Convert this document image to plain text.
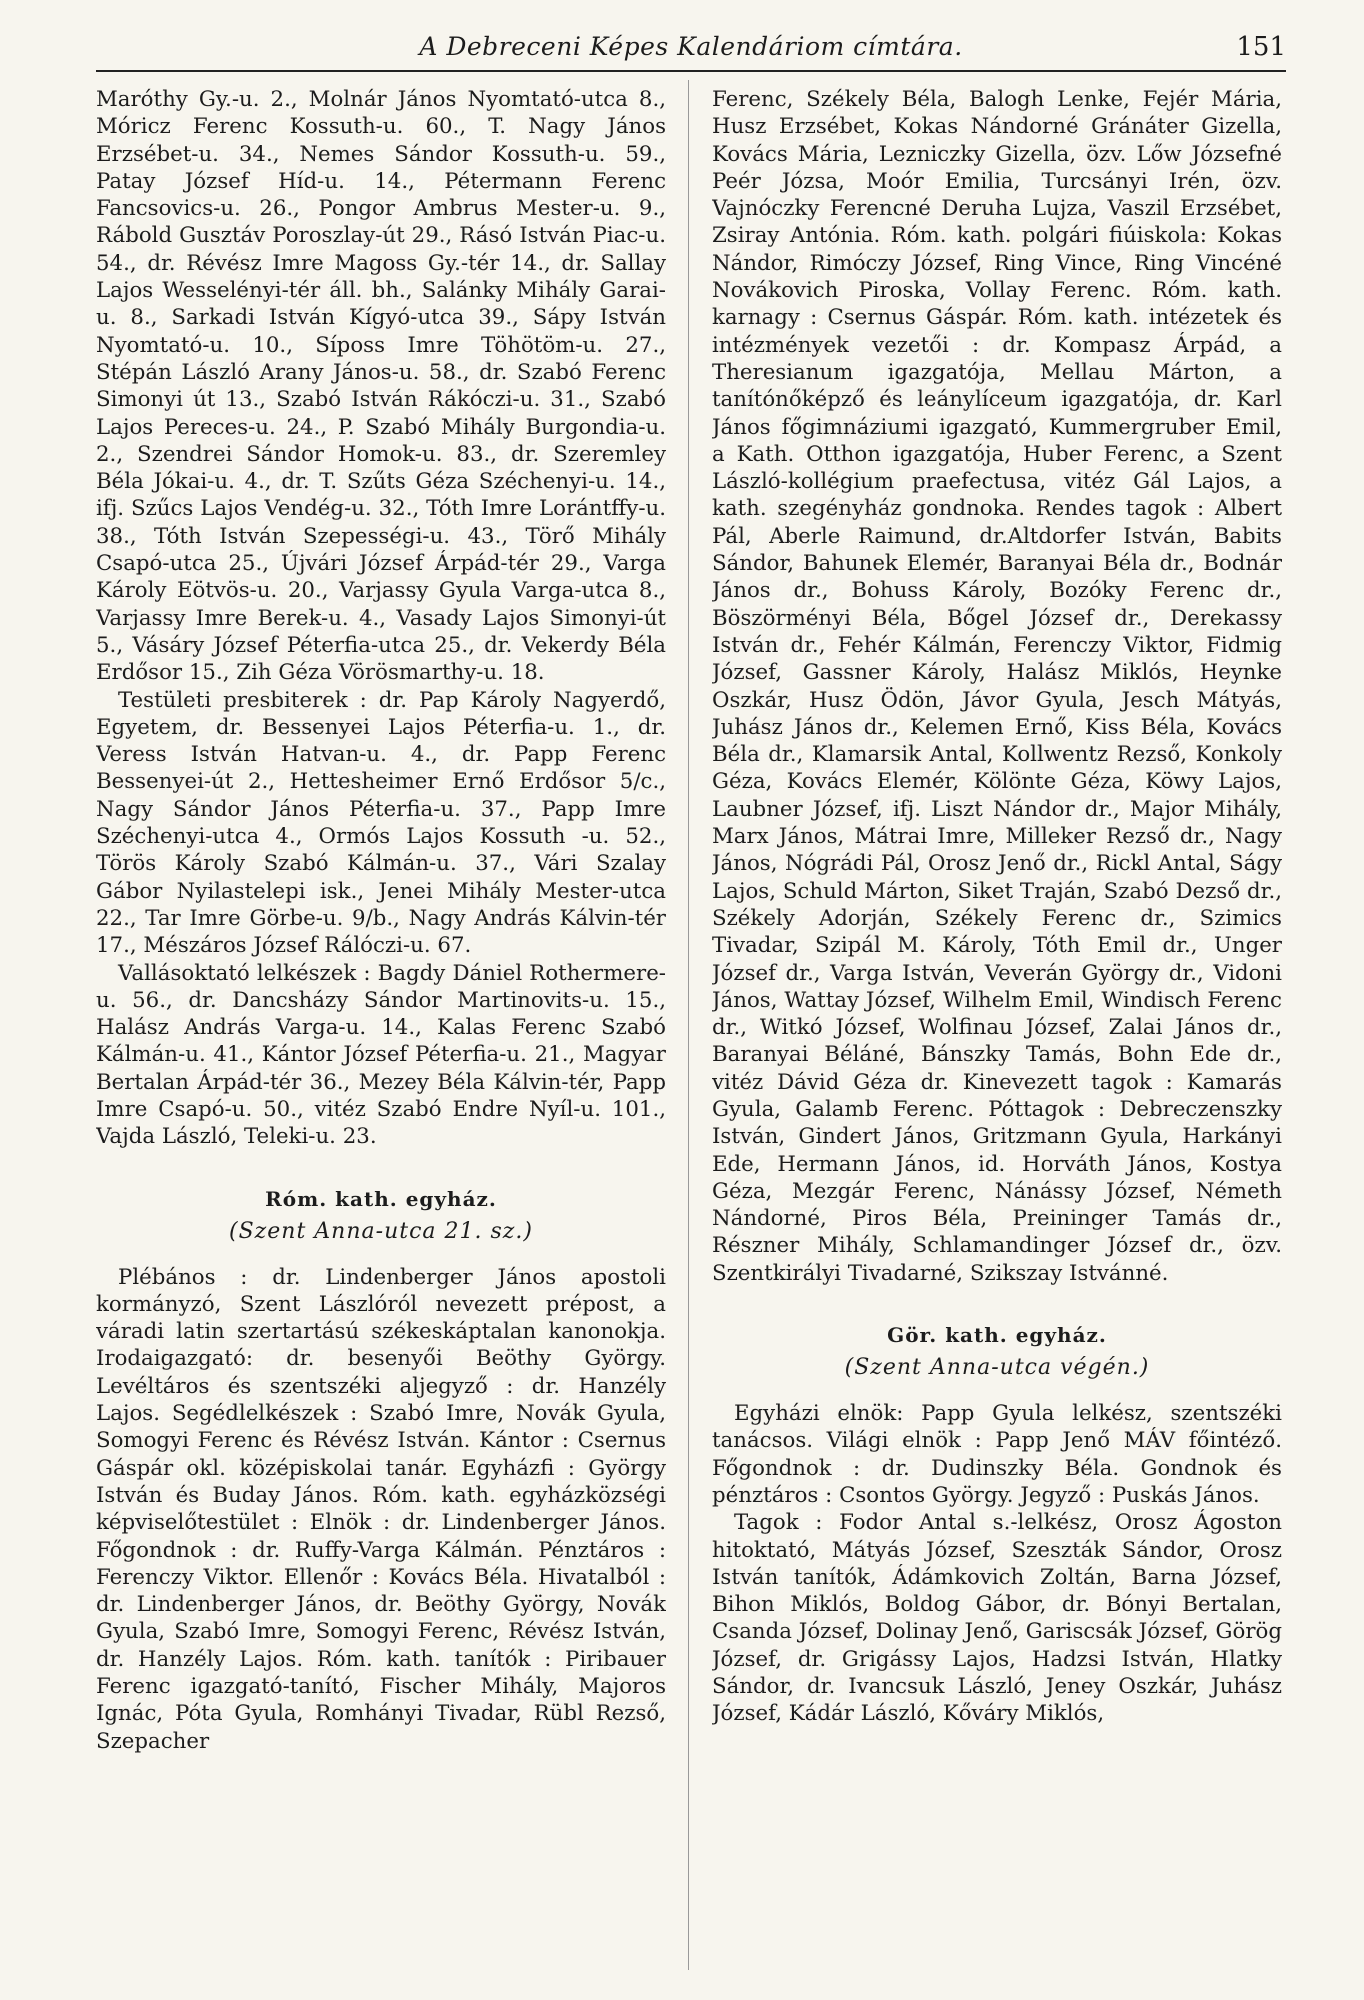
A Debreceni Képes Kalendáriom címtára.	151

Maróthy Gy.-u. 2., Molnár János Nyomtató-utca 8., Móricz Ferenc Kossuth-u. 60., T. Nagy János Erzsébet-u. 34., Nemes Sándor Kossuth-u. 59., Patay József Híd-u. 14., Pétermann Ferenc Fancsovics-u. 26., Pongor Ambrus Mester-u. 9., Rábold Gusztáv Poroszlay-út 29., Rásó István Piac-u. 54., dr. Révész Imre Magoss Gy.-tér 14., dr. Sallay Lajos Wesselényi-tér áll. bh., Salánky Mihály Garai-u. 8., Sarkadi István Kígyó-utca 39., Sápy István Nyomtató-u. 10., Síposs Imre Töhötöm-u. 27., Stépán László Arany János-u. 58., dr. Szabó Ferenc Simonyi út 13., Szabó István Rákóczi-u. 31., Szabó Lajos Pereces-u. 24., P. Szabó Mihály Burgondia-u. 2., Szendrei Sándor Homok-u. 83., dr. Szeremley Béla Jókai-u. 4., dr. T. Szűts Géza Széchenyi-u. 14., ifj. Szűcs Lajos Vendég-u. 32., Tóth Imre Lorántffy-u. 38., Tóth István Szepességi-u. 43., Törő Mihály Csapó-utca 25., Újvári József Árpád-tér 29., Varga Károly Eötvös-u. 20., Varjassy Gyula Varga-utca 8., Varjassy Imre Berek-u. 4., Vasady Lajos Simonyi-út 5., Vásáry József Péterfia-utca 25., dr. Vekerdy Béla Erdősor 15., Zih Géza Vörösmarthy-u. 18.

Testületi presbiterek : dr. Pap Károly Nagyerdő, Egyetem, dr. Bessenyei Lajos Péterfia-u. 1., dr. Veress István Hatvan-u. 4., dr. Papp Ferenc Bessenyei-út 2., Hettesheimer Ernő Erdősor 5/c., Nagy Sándor János Péterfia-u. 37., Papp Imre Széchenyi-utca 4., Ormós Lajos Kossuth -u. 52., Törös Károly Szabó Kálmán-u. 37., Vári Szalay Gábor Nyilastelepi isk., Jenei Mihály Mester-utca 22., Tar Imre Görbe-u. 9/b., Nagy András Kálvin-tér 17., Mészáros József Rálóczi-u. 67.

Vallásoktató lelkészek : Bagdy Dániel Rothermere-u. 56., dr. Dancsházy Sándor Martinovits-u. 15., Halász András Varga-u. 14., Kalas Ferenc Szabó Kálmán-u. 41., Kántor József Péterfia-u. 21., Magyar Bertalan Árpád-tér 36., Mezey Béla Kálvin-tér, Papp Imre Csapó-u. 50., vitéz Szabó Endre Nyíl-u. 101., Vajda László, Teleki-u. 23.

Róm. kath. egyház.
(Szent Anna-utca 21. sz.)

Plébános : dr. Lindenberger János apostoli kormányzó, Szent Lászlóról nevezett prépost, a váradi latin szertartású székeskáptalan kanonokja. Irodaigazgató: dr. besenyői Beöthy György. Levéltáros és szentszéki aljegyző : dr. Hanzély Lajos. Segédlelkészek : Szabó Imre, Novák Gyula, Somogyi Ferenc és Révész István. Kántor : Csernus Gáspár okl. középiskolai tanár. Egyházfi : György István és Buday János. Róm. kath. egyházközségi képviselőtestület : Elnök : dr. Lindenberger János. Főgondnok : dr. Ruffy-Varga Kálmán. Pénztáros : Ferenczy Viktor. Ellenőr : Kovács Béla. Hivatalból : dr. Lindenberger János, dr. Beöthy György, Novák Gyula, Szabó Imre, Somogyi Ferenc, Révész István, dr. Hanzély Lajos. Róm. kath. tanítók : Piribauer Ferenc igazgató-tanító, Fischer Mihály, Majoros Ignác, Póta Gyula, Romhányi Tivadar, Rübl Rezső, Szepacher

Ferenc, Székely Béla, Balogh Lenke, Fejér Mária, Husz Erzsébet, Kokas Nándorné Gránáter Gizella, Kovács Mária, Lezniczky Gizella, özv. Lőw Józsefné Peér Józsa, Moór Emilia, Turcsányi Irén, özv. Vajnóczky Ferencné Deruha Lujza, Vaszil Erzsébet, Zsiray Antónia. Róm. kath. polgári fiúiskola: Kokas Nándor, Rimóczy József, Ring Vince, Ring Vincéné Novákovich Piroska, Vollay Ferenc. Róm. kath. karnagy : Csernus Gáspár. Róm. kath. intézetek és intézmények vezetői : dr. Kompasz Árpád, a Theresianum igazgatója, Mellau Márton, a tanítónőképző és leánylíceum igazgatója, dr. Karl János főgimnáziumi igazgató, Kummergruber Emil, a Kath. Otthon igazgatója, Huber Ferenc, a Szent László-kollégium praefectusa, vitéz Gál Lajos, a kath. szegényház gondnoka. Rendes tagok : Albert Pál, Aberle Raimund, dr.Altdorfer István, Babits Sándor, Bahunek Elemér, Baranyai Béla dr., Bodnár János dr., Bohuss Károly, Bozóky Ferenc dr., Böszörményi Béla, Bőgel József dr., Derekassy István dr., Fehér Kálmán, Ferenczy Viktor, Fidmig József, Gassner Károly, Halász Miklós, Heynke Oszkár, Husz Ödön, Jávor Gyula, Jesch Mátyás, Juhász János dr., Kelemen Ernő, Kiss Béla, Kovács Béla dr., Klamarsik Antal, Kollwentz Rezső, Konkoly Géza, Kovács Elemér, Kölönte Géza, Köwy Lajos, Laubner József, ifj. Liszt Nándor dr., Major Mihály, Marx János, Mátrai Imre, Milleker Rezső dr., Nagy János, Nógrádi Pál, Orosz Jenő dr., Rickl Antal, Ságy Lajos, Schuld Márton, Siket Traján, Szabó Dezső dr., Székely Adorján, Székely Ferenc dr., Szimics Tivadar, Szipál M. Károly, Tóth Emil dr., Unger József dr., Varga István, Veverán György dr., Vidoni János, Wattay József, Wilhelm Emil, Windisch Ferenc dr., Witkó József, Wolfinau József, Zalai János dr., Baranyai Béláné, Bánszky Tamás, Bohn Ede dr., vitéz Dávid Géza dr. Kinevezett tagok : Kamarás Gyula, Galamb Ferenc. Póttagok : Debreczenszky István, Gindert János, Gritzmann Gyula, Harkányi Ede, Hermann János, id. Horváth János, Kostya Géza, Mezgár Ferenc, Nánássy József, Németh Nándorné, Piros Béla, Preininger Tamás dr., Részner Mihály, Schlamandinger József dr., özv. Szentkirályi Tivadarné, Szikszay Istvánné.

Gör. kath. egyház.
(Szent Anna-utca végén.)

Egyházi elnök: Papp Gyula lelkész, szentszéki tanácsos. Világi elnök : Papp Jenő MÁV főintéző. Főgondnok : dr. Dudinszky Béla. Gondnok és pénztáros : Csontos György. Jegyző : Puskás János.

Tagok : Fodor Antal s.-lelkész, Orosz Ágoston hitoktató, Mátyás József, Szeszták Sándor, Orosz István tanítók, Ádámkovich Zoltán, Barna József, Bihon Miklós, Boldog Gábor, dr. Bónyi Bertalan, Csanda József, Dolinay Jenő, Gariscsák József, Görög József, dr. Grigássy Lajos, Hadzsi István, Hlatky Sándor, dr. Ivancsuk László, Jeney Oszkár, Juhász József, Kádár László, Kőváry Miklós,
